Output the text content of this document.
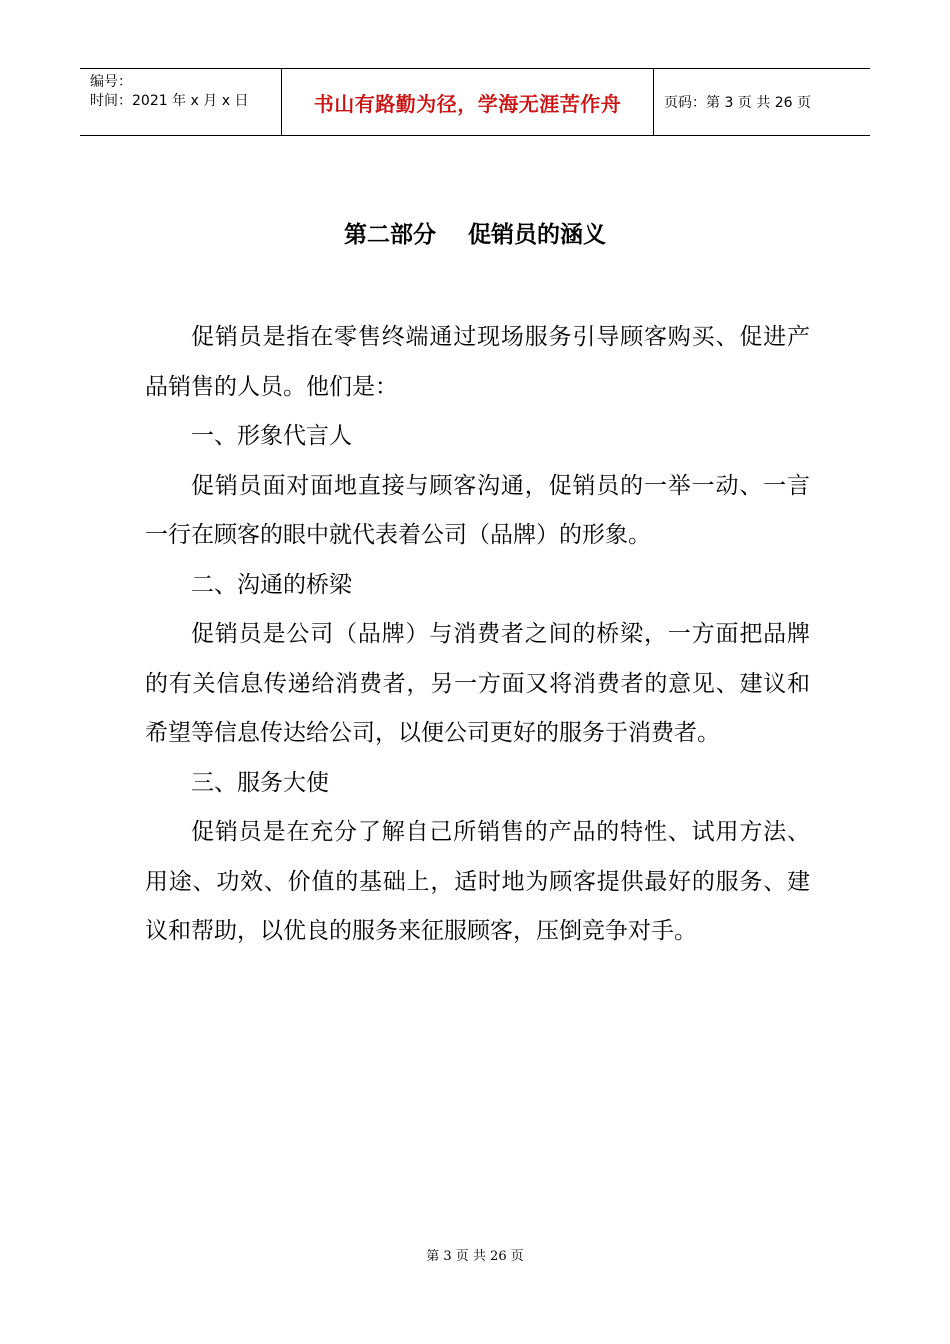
编号：
时间：2021 年 x 月 x 日	书山有路勤为径，学海无涯苦作舟	页码：第 3 页 共 26 页
第二部分    促销员的涵义

促销员是指在零售终端通过现场服务引导顾客购买、促进产品销售的人员。他们是：

一、形象代言人

促销员面对面地直接与顾客沟通，促销员的一举一动、一言一行在顾客的眼中就代表着公司（品牌）的形象。

二、沟通的桥梁

促销员是公司（品牌）与消费者之间的桥梁，一方面把品牌的有关信息传递给消费者，另一方面又将消费者的意见、建议和希望等信息传达给公司，以便公司更好的服务于消费者。

三、服务大使

促销员是在充分了解自己所销售的产品的特性、试用方法、用途、功效、价值的基础上，适时地为顾客提供最好的服务、建议和帮助，以优良的服务来征服顾客，压倒竞争对手。

第 3 页 共 26 页
